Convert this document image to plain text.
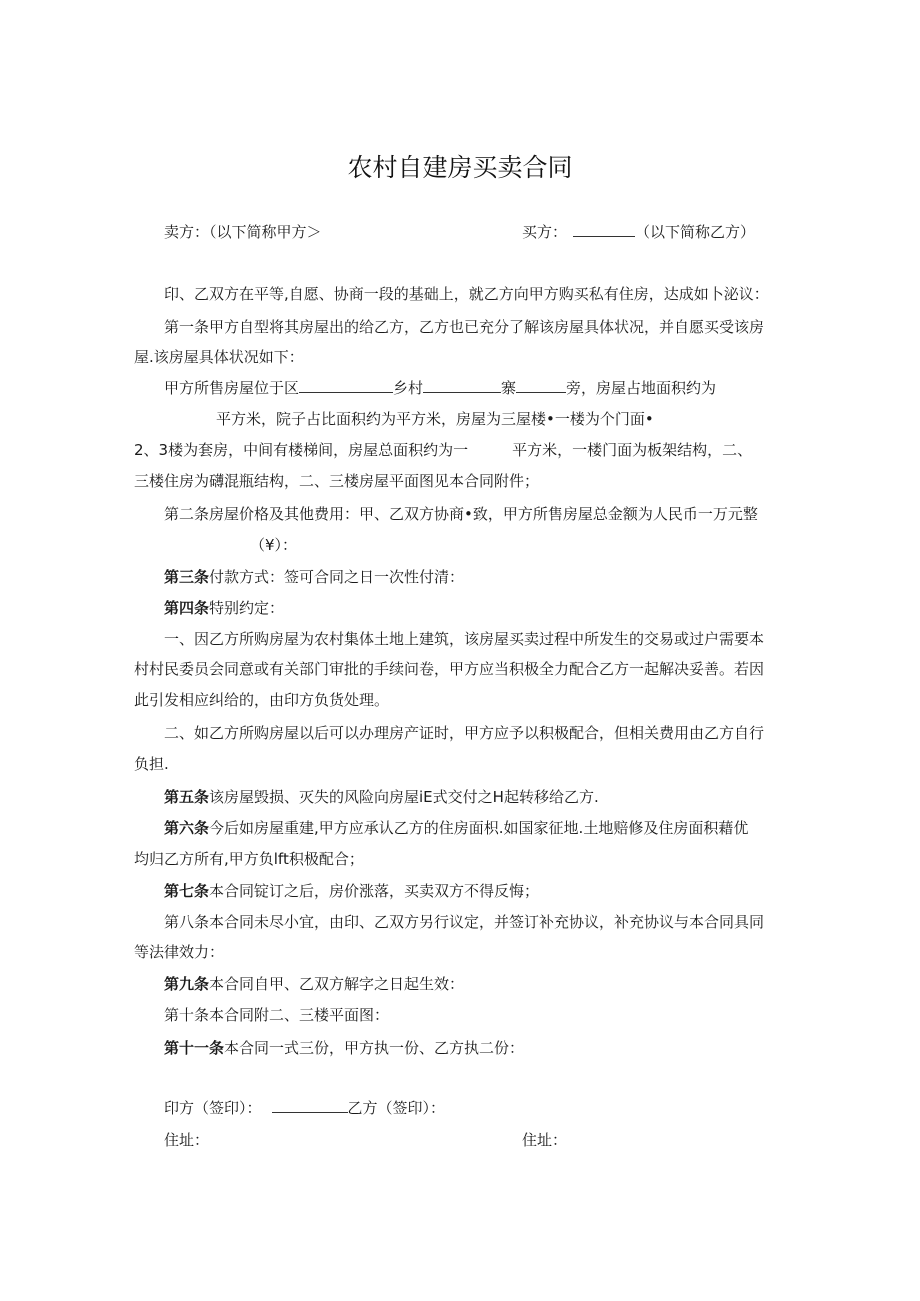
农村自建房买卖合同
卖方：（以下简称甲方＞	买方：	（以下简称乙方）
印、乙双方在平等,自愿、协商一段的基础上，就乙方向甲方购买私有住房，达成如卜泌议：
第一条甲方自型将其房屋出的给乙方，乙方也已充分了解该房屋具体状况，并自愿买受该房
屋.该房屋具体状况如下：
甲方所售房屋位于区	乡村	寨	旁，房屋占地面积约为
平方米，院子占比面积约为平方米，房屋为三屋楼•一楼为个门面•
2、3楼为套房，中间有楼梯间，房屋总面积约为一	平方米，一楼门面为板架结构，二、
三楼住房为礴混瓶结构，二、三楼房屋平面图见本合同附件；
第二条房屋价格及其他费用：甲、乙双方协商•致，甲方所售房屋总金额为人民币一万元整
（¥）：
第三条付款方式：签可合同之日一次性付清：
第四条特别约定：
一、因乙方所购房屋为农村集体土地上建筑，该房屋买卖过程中所发生的交易或过户需要本
村村民委员会同意或有关部门审批的手续问卷，甲方应当积极全力配合乙方一起解决妥善。若因
此引发相应纠给的，由印方负货处理。
二、如乙方所购房屋以后可以办理房产证时，甲方应予以积极配合，但相关费用由乙方自行
负担.
第五条该房屋毁损、灭失的风险向房屋iE式交付之H起转移给乙方.
第六条今后如房屋重建,甲方应承认乙方的住房面枳.如国家征地.土地赔修及住房面积藉优
均归乙方所有,甲方负lft积极配合；
第七条本合同锭订之后，房价涨落，买卖双方不得反悔；
第八条本合同未尽小宜，由印、乙双方另行议定，并签订补充协议，补充协议与本合同具同
等法律效力：
第九条本合同自甲、乙双方解字之日起生效：
第十条本合同附二、三楼平面图：
第十一条本合同一式三份，甲方执一份、乙方执二份：
印方（签印）：	乙方（签印）：
住址：	住址：
